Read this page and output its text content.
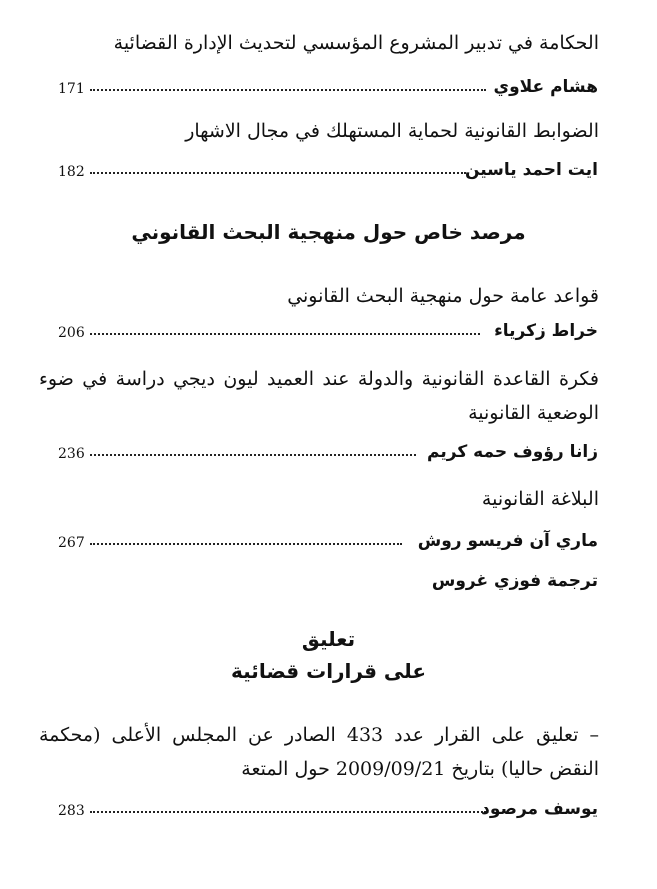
الحكامة في تدبير المشروع المؤسسي لتحديث الإدارة القضائية
171	هشام علاوي
الضوابط القانونية لحماية المستهلك في مجال الاشهار
182	ايت احمد ياسين
مرصد خاص حول منهجية البحث القانوني
قواعد عامة حول منهجية البحث القانوني
206	خراط زكرياء
فكرة القاعدة القانونية والدولة عند العميد ليون ديجي دراسة في ضوء الوضعية القانونية
236	زانا رؤوف حمه كريم
البلاغة القانونية
267	ماري آن فريسو روش
ترجمة فوزي غروس
تعليق
على قرارات قضائية
– تعليق على القرار عدد 433 الصادر عن المجلس الأعلى (محكمة النقض حاليا) بتاريخ 2009/09/21 حول المتعة
283	يوسف مرصود
